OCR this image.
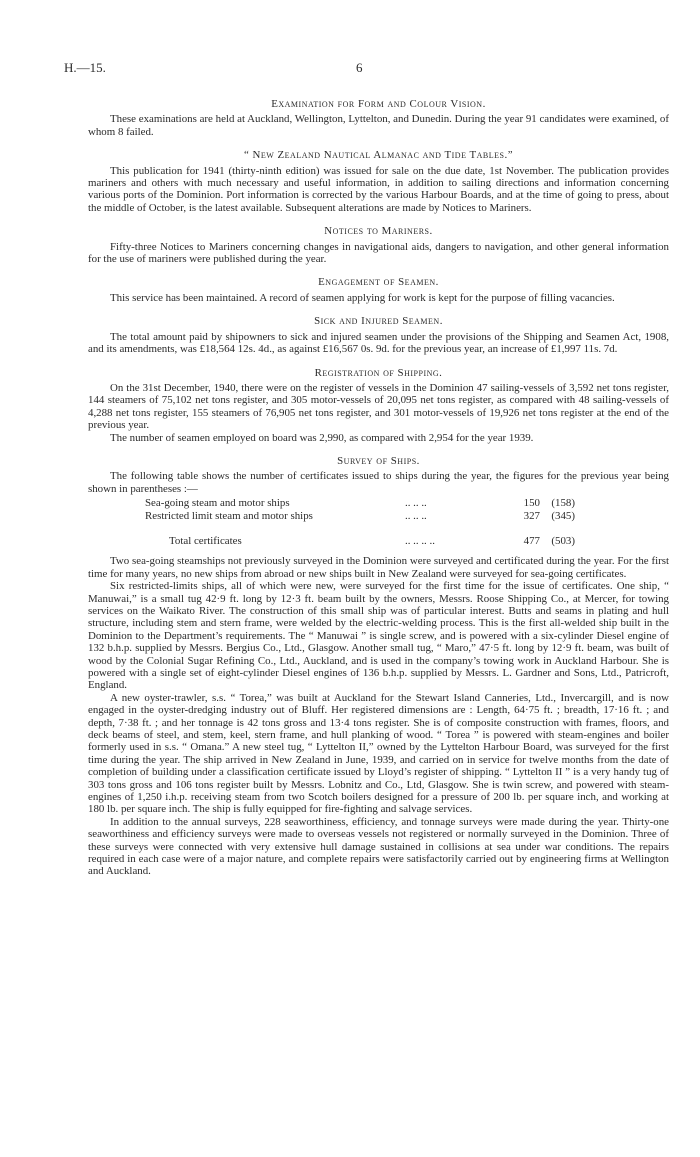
H.—15.	6

Examination for Form and Colour Vision.

These examinations are held at Auckland, Wellington, Lyttelton, and Dunedin. During the year 91 candidates were examined, of whom 8 failed.

“ New Zealand Nautical Almanac and Tide Tables.”

This publication for 1941 (thirty-ninth edition) was issued for sale on the due date, 1st November. The publication provides mariners and others with much necessary and useful information, in addition to sailing directions and information concerning various ports of the Dominion. Port information is corrected by the various Harbour Boards, and at the time of going to press, about the middle of October, is the latest available. Subsequent alterations are made by Notices to Mariners.

Notices to Mariners.

Fifty-three Notices to Mariners concerning changes in navigational aids, dangers to navigation, and other general information for the use of mariners were published during the year.

Engagement of Seamen.

This service has been maintained. A record of seamen applying for work is kept for the purpose of filling vacancies.

Sick and Injured Seamen.

The total amount paid by shipowners to sick and injured seamen under the provisions of the Shipping and Seamen Act, 1908, and its amendments, was £18,564 12s. 4d., as against £16,567 0s. 9d. for the previous year, an increase of £1,997 11s. 7d.

Registration of Shipping.

On the 31st December, 1940, there were on the register of vessels in the Dominion 47 sailing-vessels of 3,592 net tons register, 144 steamers of 75,102 net tons register, and 305 motor-vessels of 20,095 net tons register, as compared with 48 sailing-vessels of 4,288 net tons register, 155 steamers of 76,905 net tons register, and 301 motor-vessels of 19,926 net tons register at the end of the previous year.

The number of seamen employed on board was 2,990, as compared with 2,954 for the year 1939.

Survey of Ships.

The following table shows the number of certificates issued to ships during the year, the figures for the previous year being shown in parentheses :—

Sea-going steam and motor ships	.. .. ..	150	(158)
Restricted limit steam and motor ships	.. .. ..	327	(345)
Total certificates	.. .. .. ..	477	(503)

Two sea-going steamships not previously surveyed in the Dominion were surveyed and certificated during the year. For the first time for many years, no new ships from abroad or new ships built in New Zealand were surveyed for sea-going certificates.

Six restricted-limits ships, all of which were new, were surveyed for the first time for the issue of certificates. One ship, “ Manuwai,” is a small tug 42·9 ft. long by 12·3 ft. beam built by the owners, Messrs. Roose Shipping Co., at Mercer, for towing services on the Waikato River. The construction of this small ship was of particular interest. Butts and seams in plating and hull structure, including stem and stern frame, were welded by the electric-welding process. This is the first all-welded ship built in the Dominion to the Department’s requirements. The “ Manuwai ” is single screw, and is powered with a six-cylinder Diesel engine of 132 b.h.p. supplied by Messrs. Bergius Co., Ltd., Glasgow. Another small tug, “ Maro,” 47·5 ft. long by 12·9 ft. beam, was built of wood by the Colonial Sugar Refining Co., Ltd., Auckland, and is used in the company’s towing work in Auckland Harbour. She is powered with a single set of eight-cylinder Diesel engines of 136 b.h.p. supplied by Messrs. L. Gardner and Sons, Ltd., Patricroft, England.

A new oyster-trawler, s.s. “ Torea,” was built at Auckland for the Stewart Island Canneries, Ltd., Invercargill, and is now engaged in the oyster-dredging industry out of Bluff. Her registered dimensions are : Length, 64·75 ft. ; breadth, 17·16 ft. ; and depth, 7·38 ft. ; and her tonnage is 42 tons gross and 13·4 tons register. She is of composite construction with frames, floors, and deck beams of steel, and stem, keel, stern frame, and hull planking of wood. “ Torea ” is powered with steam-engines and boiler formerly used in s.s. “ Omana.” A new steel tug, “ Lyttelton II,” owned by the Lyttelton Harbour Board, was surveyed for the first time during the year. The ship arrived in New Zealand in June, 1939, and carried on in service for twelve months from the date of completion of building under a classification certificate issued by Lloyd’s register of shipping. “ Lyttelton II ” is a very handy tug of 303 tons gross and 106 tons register built by Messrs. Lobnitz and Co., Ltd, Glasgow. She is twin screw, and powered with steam-engines of 1,250 i.h.p. receiving steam from two Scotch boilers designed for a pressure of 200 lb. per square inch, and working at 180 lb. per square inch. The ship is fully equipped for fire-fighting and salvage services.

In addition to the annual surveys, 228 seaworthiness, efficiency, and tonnage surveys were made during the year. Thirty-one seaworthiness and efficiency surveys were made to overseas vessels not registered or normally surveyed in the Dominion. Three of these surveys were connected with very extensive hull damage sustained in collisions at sea under war conditions. The repairs required in each case were of a major nature, and complete repairs were satisfactorily carried out by engineering firms at Wellington and Auckland.
